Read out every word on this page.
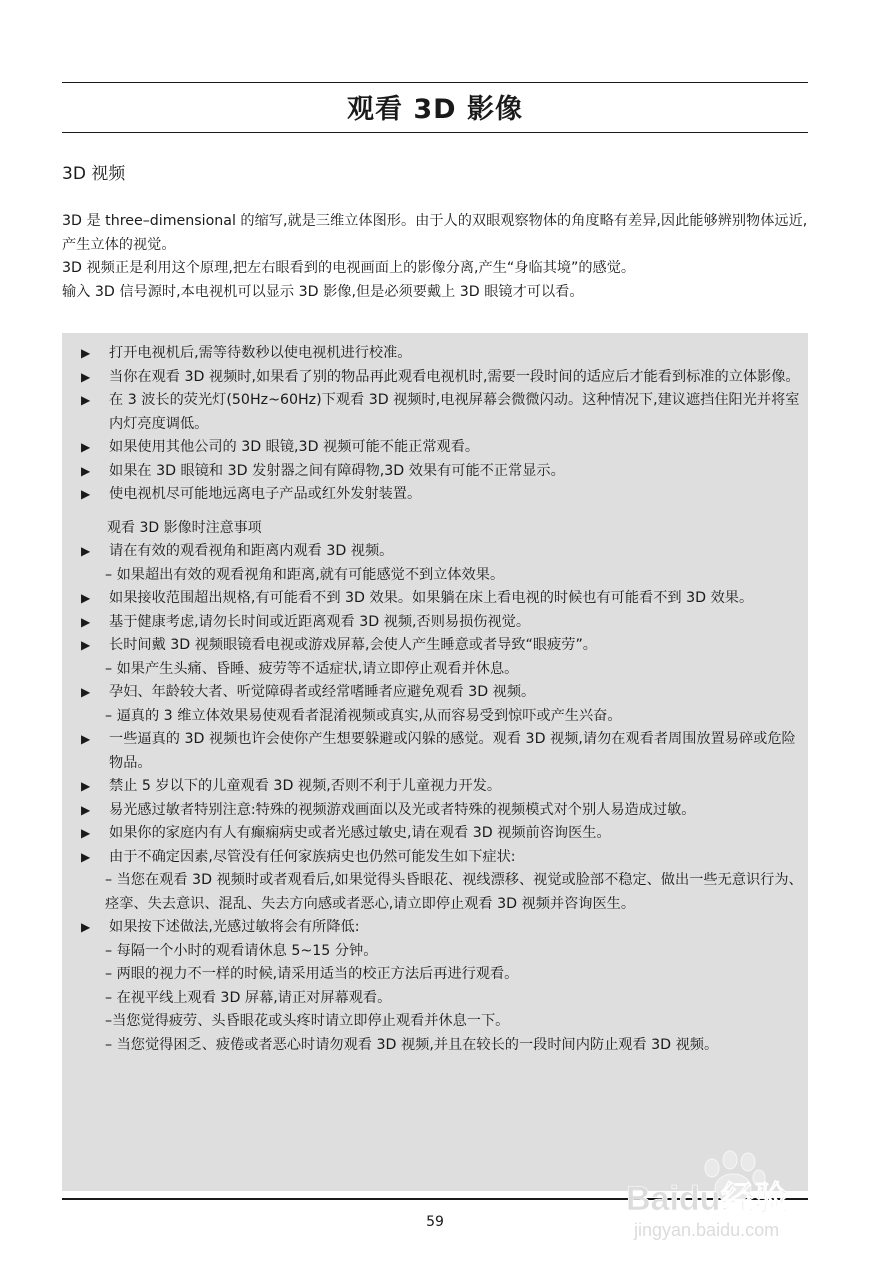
观看 3D 影像
3D 视频

3D 是 three–dimensional 的缩写,就是三维立体图形。由于人的双眼观察物体的角度略有差异,因此能够辨别物体远近,产生立体的视觉。

3D 视频正是利用这个原理,把左右眼看到的电视画面上的影像分离,产生“身临其境”的感觉。

输入 3D 信号源时,本电视机可以显示 3D 影像,但是必须要戴上 3D 眼镜才可以看。

▶ 打开电视机后,需等待数秒以使电视机进行校准。
▶ 当你在观看 3D 视频时,如果看了别的物品再此观看电视机时,需要一段时间的适应后才能看到标准的立体影像。
▶ 在 3 波长的荧光灯(50Hz~60Hz)下观看 3D 视频时,电视屏幕会微微闪动。这种情况下,建议遮挡住阳光并将室内灯亮度调低。
▶ 如果使用其他公司的 3D 眼镜,3D 视频可能不能正常观看。
▶ 如果在 3D 眼镜和 3D 发射器之间有障碍物,3D 效果有可能不正常显示。
▶ 使电视机尽可能地远离电子产品或红外发射装置。
观看 3D 影像时注意事项
▶ 请在有效的观看视角和距离内观看 3D 视频。
– 如果超出有效的观看视角和距离,就有可能感觉不到立体效果。
▶ 如果接收范围超出规格,有可能看不到 3D 效果。如果躺在床上看电视的时候也有可能看不到 3D 效果。
▶ 基于健康考虑,请勿长时间或近距离观看 3D 视频,否则易损伤视觉。
▶ 长时间戴 3D 视频眼镜看电视或游戏屏幕,会使人产生睡意或者导致“眼疲劳”。
– 如果产生头痛、昏睡、疲劳等不适症状,请立即停止观看并休息。
▶ 孕妇、年龄较大者、听觉障碍者或经常嗜睡者应避免观看 3D 视频。
– 逼真的 3 维立体效果易使观看者混淆视频或真实,从而容易受到惊吓或产生兴奋。
▶ 一些逼真的 3D 视频也许会使你产生想要躲避或闪躲的感觉。观看 3D 视频,请勿在观看者周围放置易碎或危险物品。
▶ 禁止 5 岁以下的儿童观看 3D 视频,否则不利于儿童视力开发。
▶ 易光感过敏者特别注意:特殊的视频游戏画面以及光或者特殊的视频模式对个别人易造成过敏。
▶ 如果你的家庭内有人有癫痫病史或者光感过敏史,请在观看 3D 视频前咨询医生。
▶ 由于不确定因素,尽管没有任何家族病史也仍然可能发生如下症状:
– 当您在观看 3D 视频时或者观看后,如果觉得头昏眼花、视线漂移、视觉或脸部不稳定、做出一些无意识行为、痉挛、失去意识、混乱、失去方向感或者恶心,请立即停止观看 3D 视频并咨询医生。
▶ 如果按下述做法,光感过敏将会有所降低:
– 每隔一个小时的观看请休息 5~15 分钟。
– 两眼的视力不一样的时候,请采用适当的校正方法后再进行观看。
– 在视平线上观看 3D 屏幕,请正对屏幕观看。
–当您觉得疲劳、头昏眼花或头疼时请立即停止观看并休息一下。
– 当您觉得困乏、疲倦或者恶心时请勿观看 3D 视频,并且在较长的一段时间内防止观看 3D 视频。
59
Baidu经验
jingyan.baidu.com
